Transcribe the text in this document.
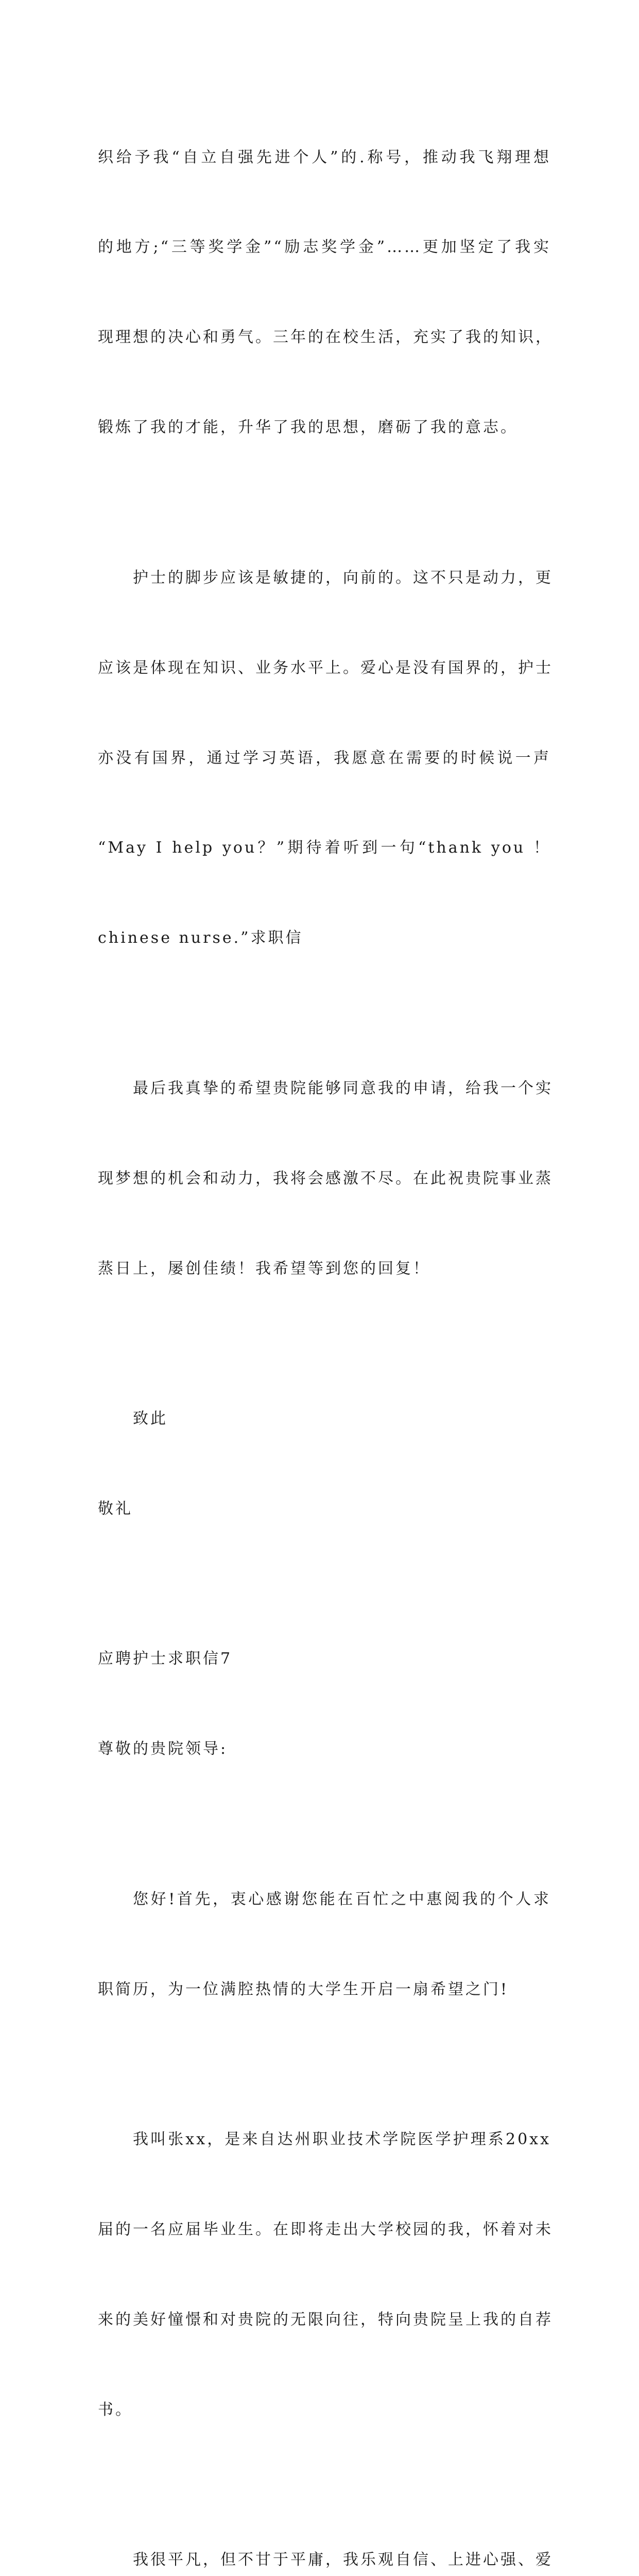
织给予我“自立自强先进个人”的.称号，推动我飞翔理想

的地方;“三等奖学金”“励志奖学金”……更加坚定了我实

现理想的决心和勇气。三年的在校生活，充实了我的知识，

锻炼了我的才能，升华了我的思想，磨砺了我的意志。

护士的脚步应该是敏捷的，向前的。这不只是动力，更

应该是体现在知识、业务水平上。爱心是没有国界的，护士

亦没有国界，通过学习英语，我愿意在需要的时候说一声

“May I help you？”期待着听到一句“thank you ！

chinese nurse.”求职信

最后我真挚的希望贵院能够同意我的申请，给我一个实

现梦想的机会和动力，我将会感激不尽。在此祝贵院事业蒸

蒸日上，屡创佳绩！我希望等到您的回复！

致此

敬礼

应聘护士求职信7

尊敬的贵院领导:

您好!首先，衷心感谢您能在百忙之中惠阅我的个人求

职简历，为一位满腔热情的大学生开启一扇希望之门!

我叫张xx，是来自达州职业技术学院医学护理系20xx

届的一名应届毕业生。在即将走出大学校园的我，怀着对未

来的美好憧憬和对贵院的无限向往，特向贵院呈上我的自荐

书。

我很平凡，但不甘于平庸，我乐观自信、上进心强、爱
